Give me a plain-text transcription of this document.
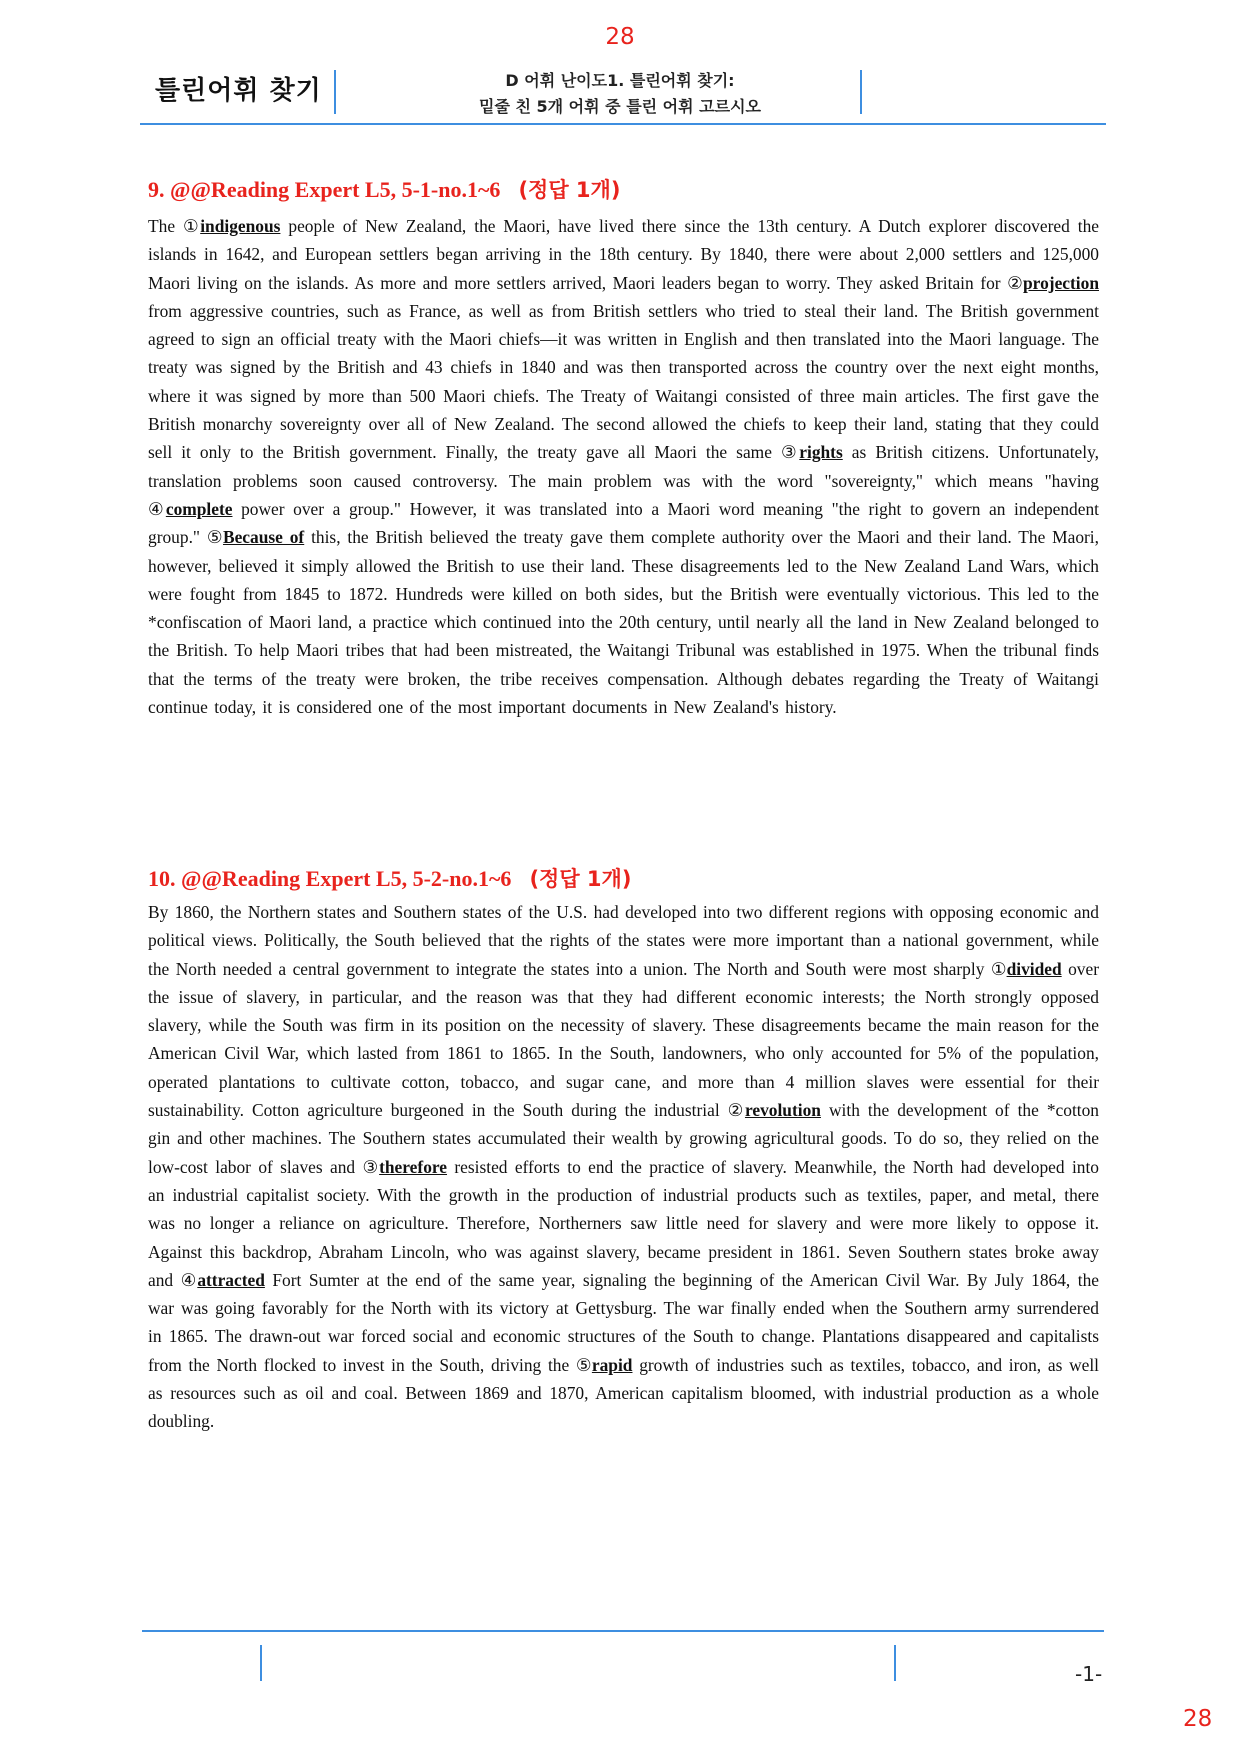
28
틀린어휘 찾기	D 어휘 난이도1. 틀린어휘 찾기:
밑줄 친 5개 어휘 중 틀린 어휘 고르시오
9. @@Reading Expert L5, 5-1-no.1~6 (정답 1개)
The ①indigenous people of New Zealand, the Maori, have lived there since the 13th century. A Dutch explorer discovered the islands in 1642, and European settlers began arriving in the 18th century. By 1840, there were about 2,000 settlers and 125,000 Maori living on the islands. As more and more settlers arrived, Maori leaders began to worry. They asked Britain for ②projection from aggressive countries, such as France, as well as from British settlers who tried to steal their land. The British government agreed to sign an official treaty with the Maori chiefs—it was written in English and then translated into the Maori language. The treaty was signed by the British and 43 chiefs in 1840 and was then transported across the country over the next eight months, where it was signed by more than 500 Maori chiefs. The Treaty of Waitangi consisted of three main articles. The first gave the British monarchy sovereignty over all of New Zealand. The second allowed the chiefs to keep their land, stating that they could sell it only to the British government. Finally, the treaty gave all Maori the same ③rights as British citizens. Unfortunately, translation problems soon caused controversy. The main problem was with the word "sovereignty," which means "having ④complete power over a group." However, it was translated into a Maori word meaning "the right to govern an independent group." ⑤Because of this, the British believed the treaty gave them complete authority over the Maori and their land. The Maori, however, believed it simply allowed the British to use their land. These disagreements led to the New Zealand Land Wars, which were fought from 1845 to 1872. Hundreds were killed on both sides, but the British were eventually victorious. This led to the *confiscation of Maori land, a practice which continued into the 20th century, until nearly all the land in New Zealand belonged to the British. To help Maori tribes that had been mistreated, the Waitangi Tribunal was established in 1975. When the tribunal finds that the terms of the treaty were broken, the tribe receives compensation. Although debates regarding the Treaty of Waitangi continue today, it is considered one of the most important documents in New Zealand's history.
10. @@Reading Expert L5, 5-2-no.1~6 (정답 1개)
By 1860, the Northern states and Southern states of the U.S. had developed into two different regions with opposing economic and political views. Politically, the South believed that the rights of the states were more important than a national government, while the North needed a central government to integrate the states into a union. The North and South were most sharply ①divided over the issue of slavery, in particular, and the reason was that they had different economic interests; the North strongly opposed slavery, while the South was firm in its position on the necessity of slavery. These disagreements became the main reason for the American Civil War, which lasted from 1861 to 1865. In the South, landowners, who only accounted for 5% of the population, operated plantations to cultivate cotton, tobacco, and sugar cane, and more than 4 million slaves were essential for their sustainability. Cotton agriculture burgeoned in the South during the industrial ②revolution with the development of the *cotton gin and other machines. The Southern states accumulated their wealth by growing agricultural goods. To do so, they relied on the low-cost labor of slaves and ③therefore resisted efforts to end the practice of slavery. Meanwhile, the North had developed into an industrial capitalist society. With the growth in the production of industrial products such as textiles, paper, and metal, there was no longer a reliance on agriculture. Therefore, Northerners saw little need for slavery and were more likely to oppose it. Against this backdrop, Abraham Lincoln, who was against slavery, became president in 1861. Seven Southern states broke away and ④attracted Fort Sumter at the end of the same year, signaling the beginning of the American Civil War. By July 1864, the war was going favorably for the North with its victory at Gettysburg. The war finally ended when the Southern army surrendered in 1865. The drawn-out war forced social and economic structures of the South to change. Plantations disappeared and capitalists from the North flocked to invest in the South, driving the ⑤rapid growth of industries such as textiles, tobacco, and iron, as well as resources such as oil and coal. Between 1869 and 1870, American capitalism bloomed, with industrial production as a whole doubling.
-1-
28
